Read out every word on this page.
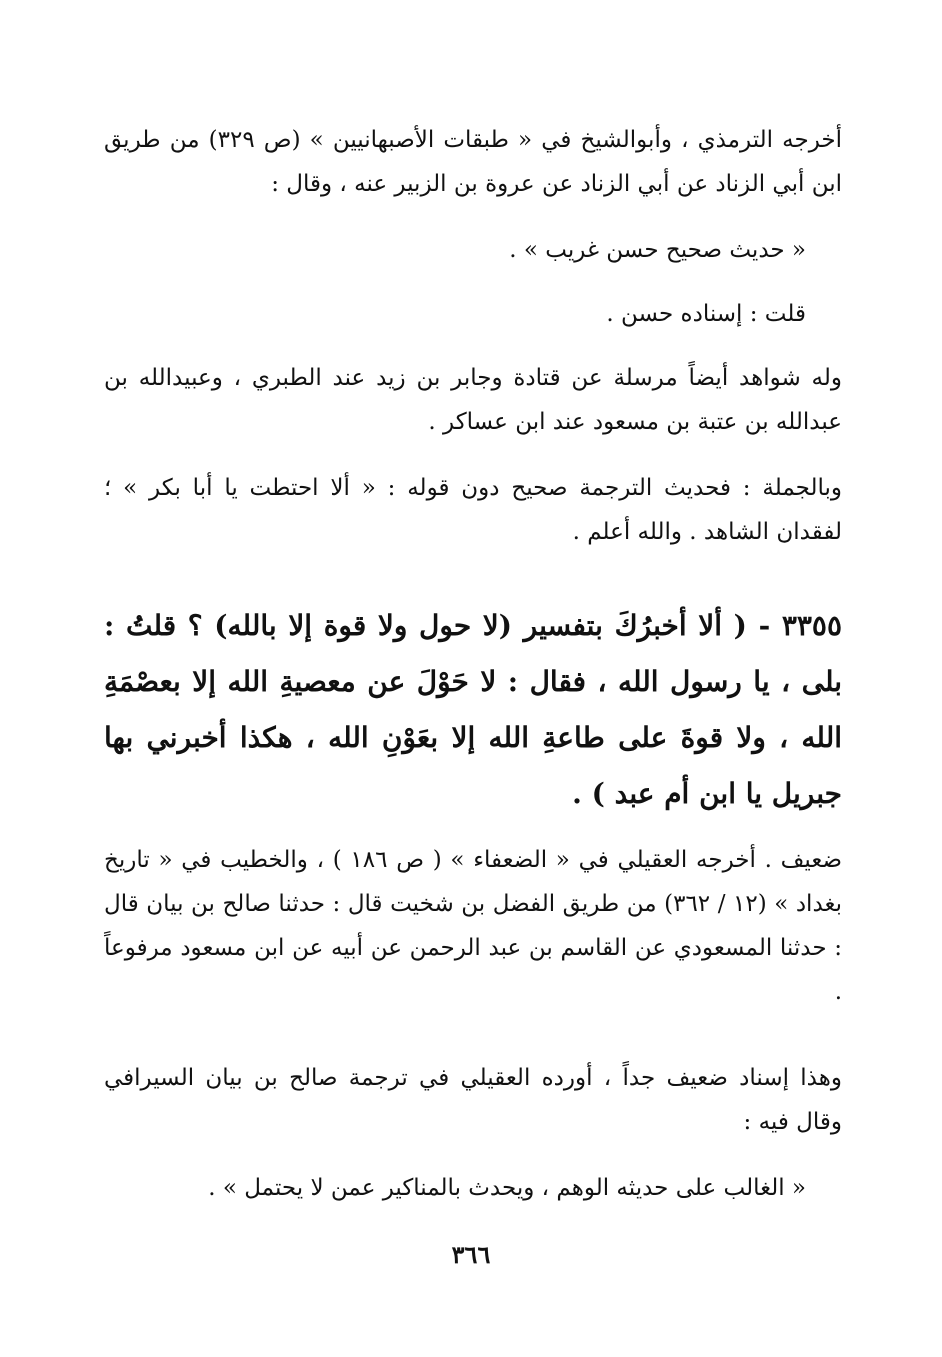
أخرجه الترمذي ، وأبوالشيخ في « طبقات الأصبهانيين » (ص ٣٢٩) من طريق ابن أبي الزناد عن أبي الزناد عن عروة بن الزبير عنه ، وقال :
« حديث صحيح حسن غريب » .
قلت : إسناده حسن .
وله شواهد أيضاً مرسلة عن قتادة وجابر بن زيد عند الطبري ، وعبيدالله بن عبدالله بن عتبة بن مسعود عند ابن عساكر .
وبالجملة : فحديث الترجمة صحيح دون قوله : « ألا احتطت يا أبا بكر » ؛ لفقدان الشاهد . والله أعلم .
٣٣٥٥ - ( ألا أخبرُكَ بتفسير (لا حول ولا قوة إلا بالله) ؟ قلتُ : بلى ، يا رسول الله ، فقال : لا حَوْلَ عن معصيةِ الله إلا بعصْمَةِ الله ، ولا قوةَ على طاعةِ الله إلا بعَوْنِ الله ، هكذا أخبرني بها جبريل يا ابن أم عبد ) .
ضعيف . أخرجه العقيلي في « الضعفاء » ( ص ١٨٦ ) ، والخطيب في « تاريخ بغداد » (١٢ / ٣٦٢) من طريق الفضل بن شخيت قال : حدثنا صالح بن بيان قال : حدثنا المسعودي عن القاسم بن عبد الرحمن عن أبيه عن ابن مسعود مرفوعاً .
وهذا إسناد ضعيف جداً ، أورده العقيلي في ترجمة صالح بن بيان السيرافي وقال فيه :
« الغالب على حديثه الوهم ، ويحدث بالمناكير عمن لا يحتمل » .
٣٦٦
